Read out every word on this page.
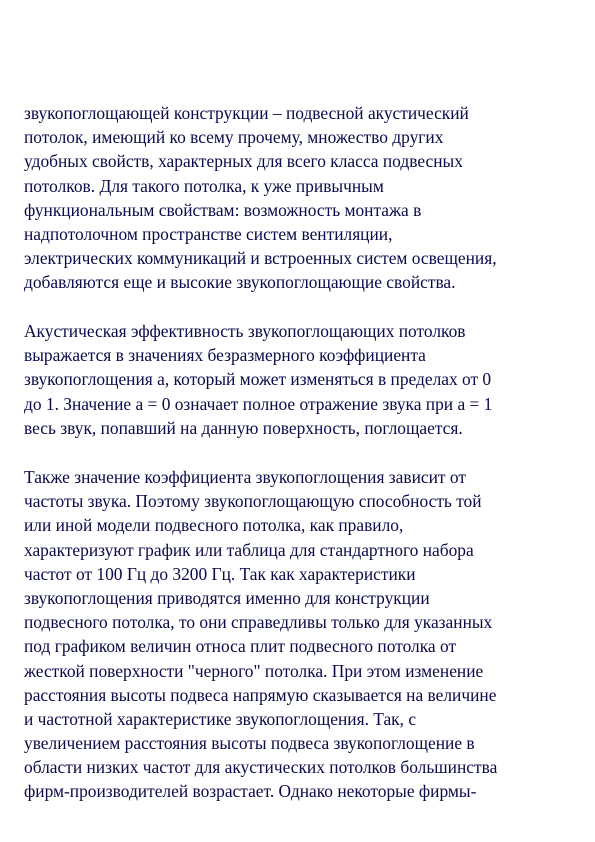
звукопоглощающей конструкции – подвесной акустический
потолок, имеющий ко всему прочему, множество других
удобных свойств, характерных для всего класса подвесных
потолков. Для такого потолка, к уже привычным
функциональным свойствам: возможность монтажа в
надпотолочном пространстве систем вентиляции,
электрических коммуникаций и встроенных систем освещения,
добавляются еще и высокие звукопоглощающие свойства.
Акустическая эффективность звукопоглощающих потолков
выражается в значениях безразмерного коэффициента
звукопоглощения a, который может изменяться в пределах от 0
до 1. Значение a = 0 означает полное отражение звука при a = 1
весь звук, попавший на данную поверхность, поглощается.
Также значение коэффициента звукопоглощения зависит от
частоты звука. Поэтому звукопоглощающую способность той
или иной модели подвесного потолка, как правило,
характеризуют график или таблица для стандартного набора
частот от 100 Гц до 3200 Гц. Так как характеристики
звукопоглощения приводятся именно для конструкции
подвесного потолка, то они справедливы только для указанных
под графиком величин относа плит подвесного потолка от
жесткой поверхности "черного" потолка. При этом изменение
расстояния высоты подвеса напрямую сказывается на величине
и частотной характеристике звукопоглощения. Так, с
увеличением расстояния высоты подвеса звукопоглощение в
области низких частот для акустических потолков большинства
фирм-производителей возрастает. Однако некоторые фирмы-
